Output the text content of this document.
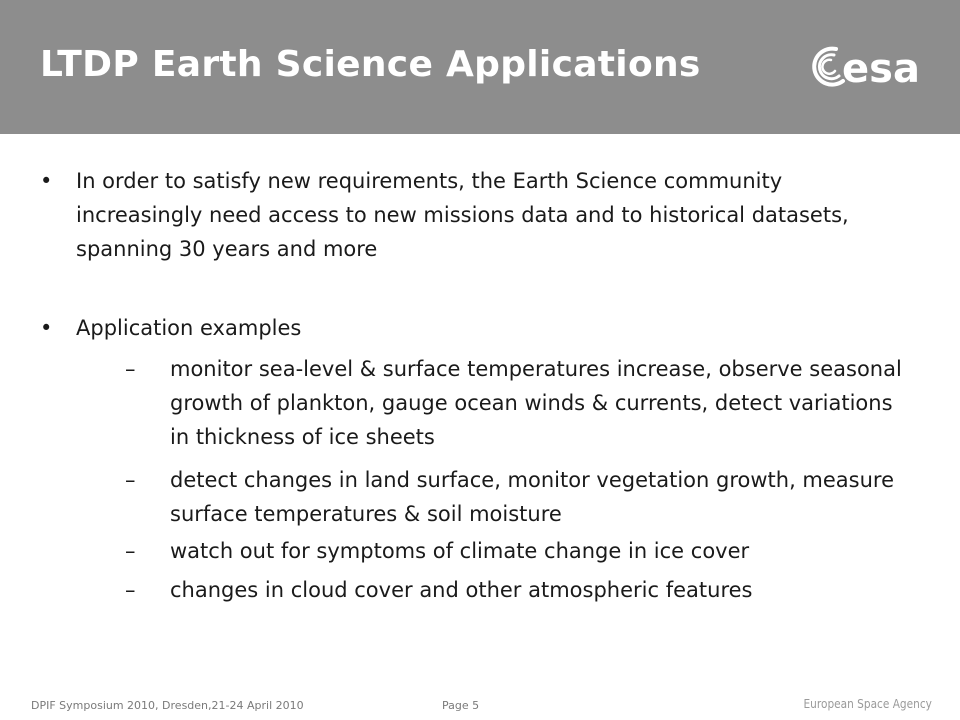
LTDP Earth Science Applications	esa
• In order to satisfy new requirements, the Earth Science community increasingly need access to new missions data and to historical datasets, spanning 30 years and more
• Application examples
– monitor sea-level & surface temperatures increase, observe seasonal growth of plankton, gauge ocean winds & currents, detect variations in thickness of ice sheets
– detect changes in land surface, monitor vegetation growth, measure surface temperatures & soil moisture
– watch out for symptoms of climate change in ice cover
– changes in cloud cover and other atmospheric features
DPIF Symposium 2010, Dresden,21-24 April 2010	Page 5	European Space Agency
